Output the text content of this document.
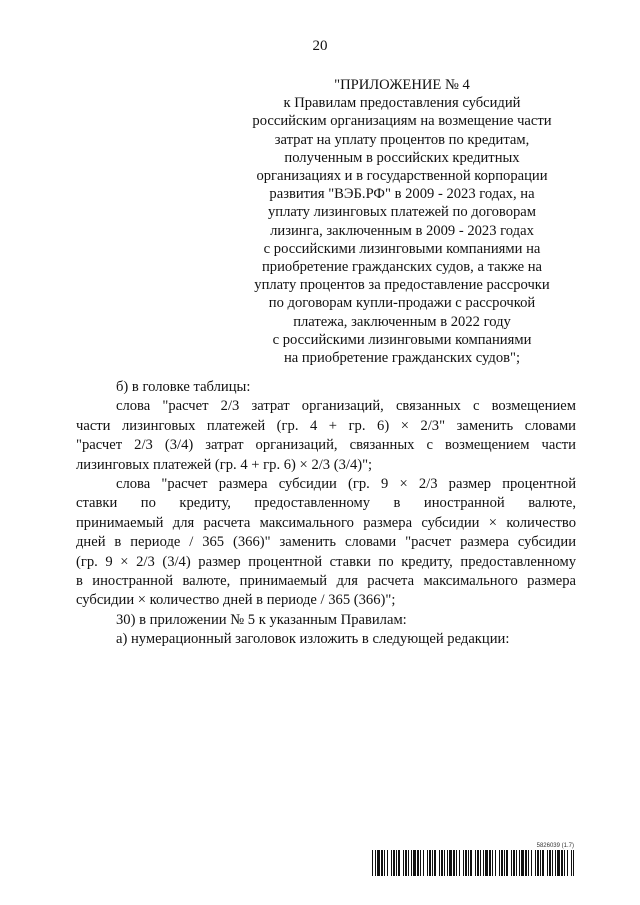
20
"ПРИЛОЖЕНИЕ № 4
к Правилам предоставления субсидий
российским организациям на возмещение части
затрат на уплату процентов по кредитам,
полученным в российских кредитных
организациях и в государственной корпорации
развития "ВЭБ.РФ" в 2009 - 2023 годах, на
уплату лизинговых платежей по договорам
лизинга, заключенным в 2009 - 2023 годах
с российскими лизинговыми компаниями на
приобретение гражданских судов, а также на
уплату процентов за предоставление рассрочки
по договорам купли-продажи с рассрочкой
платежа, заключенным в 2022 году
с российскими лизинговыми компаниями
на приобретение гражданских судов";
б) в головке таблицы:
слова "расчет 2/3 затрат организаций, связанных с возмещением
части лизинговых платежей (гр. 4 + гр. 6) × 2/3" заменить словами
"расчет 2/3 (3/4) затрат организаций, связанных с возмещением части
лизинговых платежей (гр. 4 + гр. 6) × 2/3 (3/4)";
слова "расчет размера субсидии (гр. 9 × 2/3 размер процентной
ставки по кредиту, предоставленному в иностранной валюте,
принимаемый для расчета максимального размера субсидии × количество
дней в периоде / 365 (366)" заменить словами "расчет размера субсидии
(гр. 9 × 2/3 (3/4) размер процентной ставки по кредиту, предоставленному
в иностранной валюте, принимаемый для расчета максимального размера
субсидии × количество дней в периоде / 365 (366)";
30) в приложении № 5 к указанным Правилам:
а) нумерационный заголовок изложить в следующей редакции:
5826039 (1.7)
